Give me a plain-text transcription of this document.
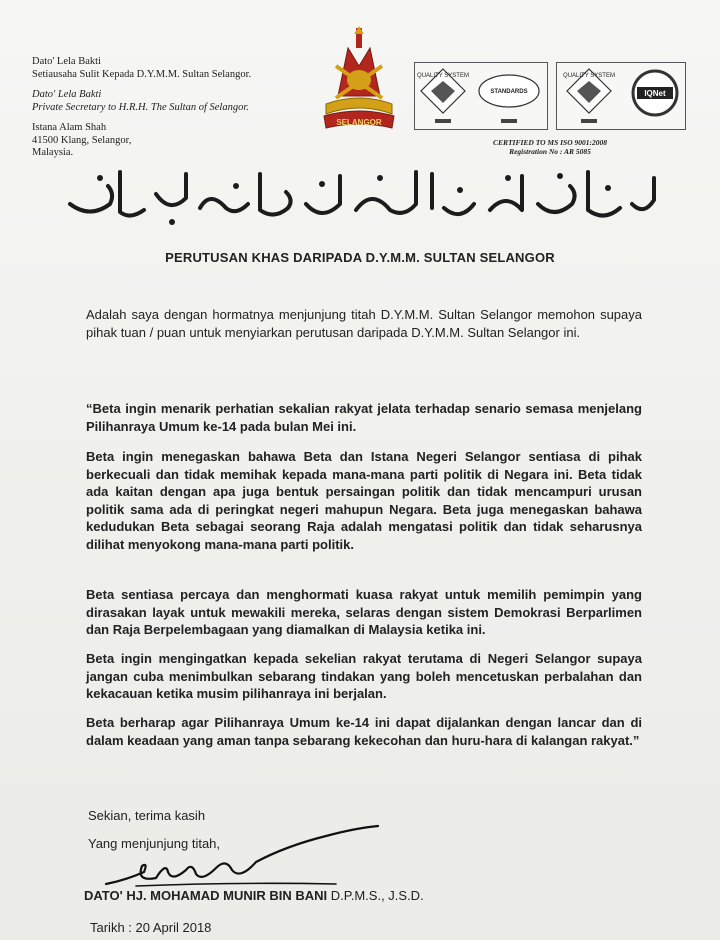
Dato' Lela Bakti
Setiausaha Sulit Kepada D.Y.M.M. Sultan Selangor.
Dato' Lela Bakti
Private Secretary to H.R.H. The Sultan of Selangor.
Istana Alam Shah
41500 Klang, Selangor,
Malaysia.
SELANGOR
QUALITY SYSTEM
STANDARDS
QUALITY SYSTEM
IQNet
CERTIFIED TO MS ISO 9001:2008
Registration No : AR 5085
PERUTUSAN KHAS DARIPADA D.Y.M.M. SULTAN SELANGOR
Adalah saya dengan hormatnya menjunjung titah D.Y.M.M. Sultan Selangor memohon supaya pihak tuan / puan untuk menyiarkan perutusan daripada D.Y.M.M. Sultan Selangor ini.
“Beta ingin menarik perhatian sekalian rakyat jelata terhadap senario semasa menjelang Pilihanraya Umum ke-14 pada bulan Mei ini.
Beta ingin menegaskan bahawa Beta dan Istana Negeri Selangor sentiasa di pihak berkecuali dan tidak memihak kepada mana-mana parti politik di Negara ini. Beta tidak ada kaitan dengan apa juga bentuk persaingan politik dan tidak mencampuri urusan politik sama ada di peringkat negeri mahupun Negara. Beta juga menegaskan bahawa kedudukan Beta sebagai seorang Raja adalah mengatasi politik dan tidak seharusnya dilihat menyokong mana-mana parti politik.
Beta sentiasa percaya dan menghormati kuasa rakyat untuk memilih pemimpin yang dirasakan layak untuk mewakili mereka, selaras dengan sistem Demokrasi Berparlimen dan Raja Berpelembagaan yang diamalkan di Malaysia ketika ini.
Beta ingin mengingatkan kepada sekelian rakyat terutama di Negeri Selangor supaya jangan cuba menimbulkan sebarang tindakan yang boleh mencetuskan perbalahan dan kekacauan ketika musim pilihanraya ini berjalan.
Beta berharap agar Pilihanraya Umum ke-14 ini dapat dijalankan dengan lancar dan di dalam keadaan yang aman tanpa sebarang kekecohan dan huru-hara di kalangan rakyat.”
Sekian, terima kasih
Yang menjunjung titah,
DATO' HJ. MOHAMAD MUNIR BIN BANI D.P.M.S., J.S.D.
Tarikh : 20 April 2018
